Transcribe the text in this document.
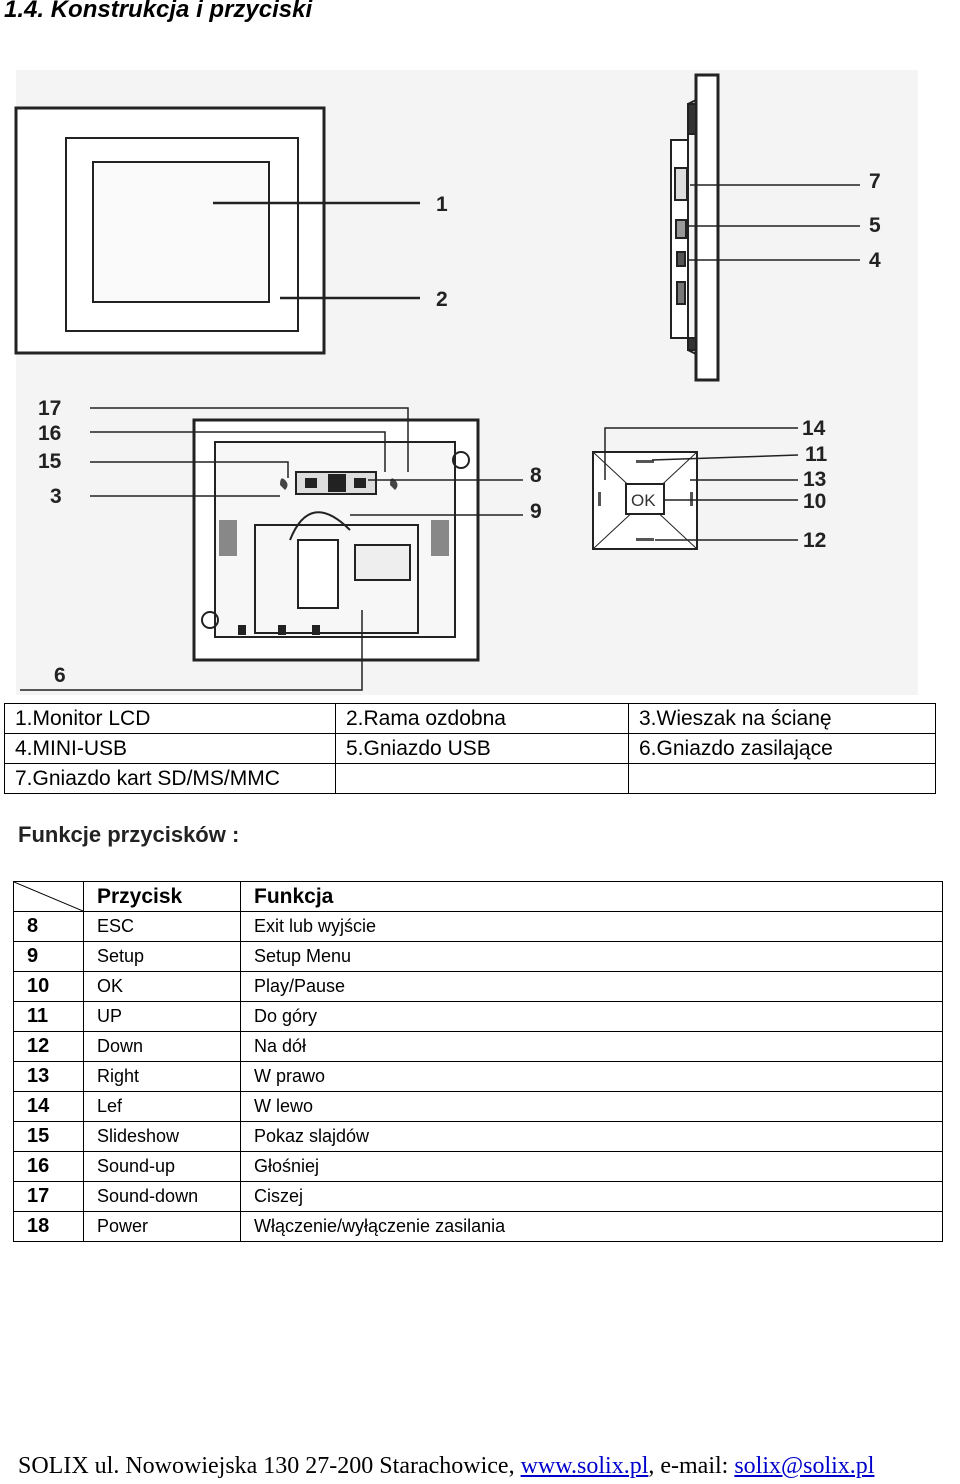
1.4. Konstrukcja i przyciski
1
2
7
5
4
17
16
15
3
6
8
9	OK
14
11
13
10
12
1.Monitor LCD	2.Rama ozdobna	3.Wieszak na ścianę
4.MINI-USB	5.Gniazdo USB	6.Gniazdo zasilające
7.Gniazdo kart SD/MS/MMC		
Funkcje przycisków :
	Przycisk	Funkcja
8	ESC	Exit lub wyjście
9	Setup	Setup Menu
10	OK	Play/Pause
11	UP	Do góry
12	Down	Na dół
13	Right	W prawo
14	Lef	W lewo
15	Slideshow	Pokaz slajdów
16	Sound-up	Głośniej
17	Sound-down	Ciszej
18	Power	Włączenie/wyłączenie zasilania
SOLIX ul. Nowowiejska 130 27-200 Starachowice, www.solix.pl, e-mail: solix@solix.pl
